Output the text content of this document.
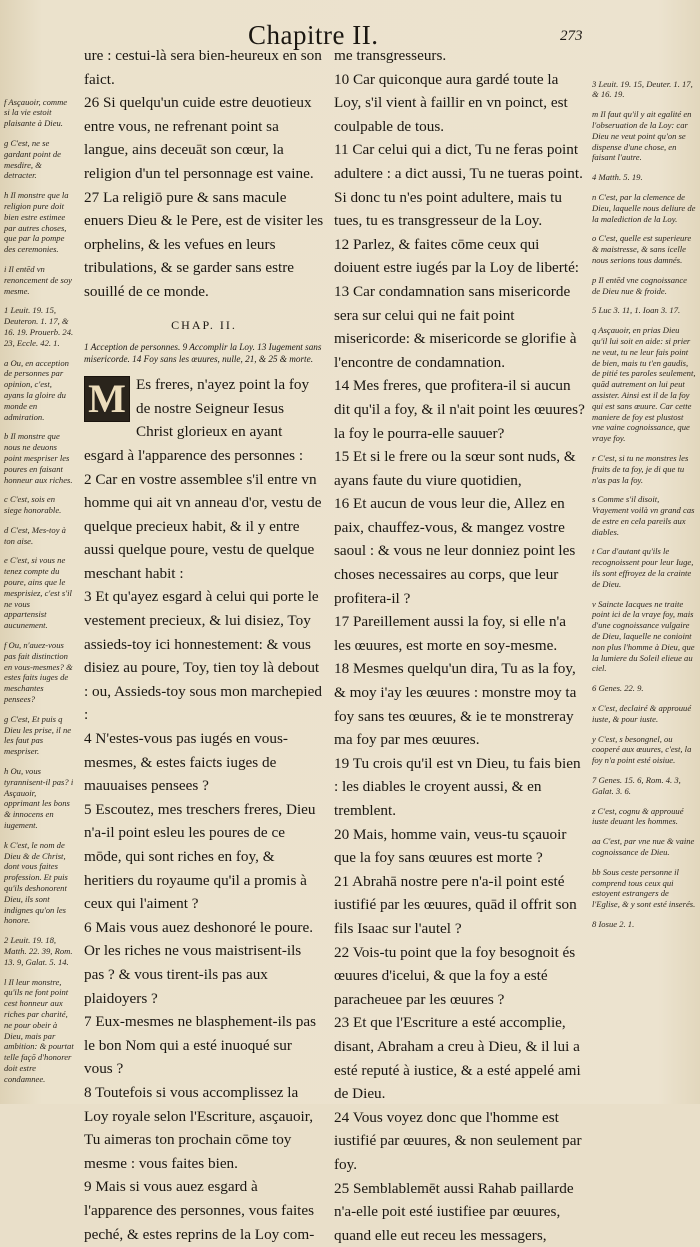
Chapitre II.	273

f Asçauoir, comme si la vie estoit plaisante à Dieu.

g C'est, ne se gardant point de mesdire, & detracter.

h Il monstre que la religion pure doit bien estre estimee par autres choses, que par la pompe des ceremonies.

i Il entēd vn renoncement de soy mesme.

1 Leuit. 19. 15, Deuteron. 1. 17, & 16. 19. Prouerb. 24. 23, Eccle. 42. 1.

a Ou, en acception de personnes par opinion, c'est, ayans la gloire du monde en admiration.

b Il monstre que nous ne deuons point mespriser les poures en faisant honneur aux riches.

c C'est, sois en siege honorable.

d C'est, Mes-toy à ton aise.

e C'est, si vous ne tenez compte du poure, ains que le mesprisiez, c'est s'il ne vous appartensist aucunement.

f Ou, n'auez-vous pas fait distinction en vous-mesmes? & estes faits iuges de meschantes pensees?

g C'est, Et puis q Dieu les prise, il ne les faut pas mespriser.

h Ou, vous tyrannisent-il pas? i Asçauoir, opprimant les bons & innocens en iugement.

k C'est, le nom de Dieu & de Christ, dont vous faites profession. Et puis qu'ils deshonorent Dieu, ils sont indignes qu'on les honore.

2 Leuit. 19. 18, Matth. 22. 39, Rom. 13. 9, Galat. 5. 14.

l Il leur monstre, qu'ils ne font point cest honneur aux riches par charité, ne pour obeir à Dieu, mais par ambition: & pourtat telle façō d'honorer doit estre condamnee.

ure : cestui-là sera bien-heureux en son faict.

26 Si quelqu'un cuide estre deuotieux entre vous, ne refrenant point sa langue, ains deceuāt son cœur, la religion d'un tel personnage est vaine.

27 La religiō pure & sans macule enuers Dieu & le Pere, est de visiter les orphelins, & les vefues en leurs tribulations, & se garder sans estre souillé de ce monde.

CHAP. II.
1 Acception de personnes. 9 Accomplir la Loy. 13 Iugement sans misericorde. 14 Foy sans les œuures, nulle, 21, & 25 & morte.
M Es freres, n'ayez point la foy de nostre Seigneur Iesus Christ glorieux en ayant esgard à l'apparence des personnes :

2 Car en vostre assemblee s'il entre vn homme qui ait vn anneau d'or, vestu de quelque precieux habit, & il y entre aussi quelque poure, vestu de quelque meschant habit :

3 Et qu'ayez esgard à celui qui porte le vestement precieux, & lui disiez, Toy assieds-toy ici honnestement: & vous disiez au poure, Toy, tien toy là debout : ou, Assieds-toy sous mon marchepied :

4 N'estes-vous pas iugés en vous-mesmes, & estes faicts iuges de mauuaises pensees ?

5 Escoutez, mes treschers freres, Dieu n'a-il point esleu les poures de ce mōde, qui sont riches en foy, & heritiers du royaume qu'il a promis à ceux qui l'aiment ?

6 Mais vous auez deshonoré le poure. Or les riches ne vous maistrisent-ils pas ? & vous tirent-ils pas aux plaidoyers ?

7 Eux-mesmes ne blasphement-ils pas le bon Nom qui a esté inuoqué sur vous ?

8 Toutefois si vous accomplissez la Loy royale selon l'Escriture, asçauoir, Tu aimeras ton prochain cōme toy mesme : vous faites bien.

9 Mais si vous auez esgard à l'apparence des personnes, vous faites peché, & estes reprins de la Loy com-

me transgresseurs.

10 Car quiconque aura gardé toute la Loy, s'il vient à faillir en vn poinct, est coulpable de tous.

11 Car celui qui a dict, Tu ne feras point adultere : a dict aussi, Tu ne tueras point. Si donc tu n'es point adultere, mais tu tues, tu es transgresseur de la Loy.

12 Parlez, & faites cōme ceux qui doiuent estre iugés par la Loy de liberté:

13 Car condamnation sans misericorde sera sur celui qui ne fait point misericorde: & misericorde se glorifie à l'encontre de condamnation.

14 Mes freres, que profitera-il si aucun dit qu'il a foy, & il n'ait point les œuures? la foy le pourra-elle sauuer?

15 Et si le frere ou la sœur sont nuds, & ayans faute du viure quotidien,

16 Et aucun de vous leur die, Allez en paix, chauffez-vous, & mangez vostre saoul : & vous ne leur donniez point les choses necessaires au corps, que leur profitera-il ?

17 Pareillement aussi la foy, si elle n'a les œuures, est morte en soy-mesme.

18 Mesmes quelqu'un dira, Tu as la foy, & moy i'ay les œuures : monstre moy ta foy sans tes œuures, & ie te monstreray ma foy par mes œuures.

19 Tu crois qu'il est vn Dieu, tu fais bien : les diables le croyent aussi, & en tremblent.

20 Mais, homme vain, veus-tu sçauoir que la foy sans œuures est morte ?

21 Abrahā nostre pere n'a-il point esté iustifié par les œuures, quād il offrit son fils Isaac sur l'autel ?

22 Vois-tu point que la foy besognoit és œuures d'icelui, & que la foy a esté paracheuee par les œuures ?

23 Et que l'Escriture a esté accomplie, disant, Abraham a creu à Dieu, & il lui a esté reputé à iustice, & a esté appelé ami de Dieu.

24 Vous voyez donc que l'homme est iustifié par œuures, & non seulement par foy.

25 Semblablemēt aussi Rahab paillarde n'a-elle poit esté iustifiee par œuures, quand elle eut receu les messagers,

3 Leuit. 19. 15, Deuter. 1. 17, & 16. 19.

m Il faut qu'il y ait egalité en l'obseruation de la Loy: car Dieu ne veut point qu'on se dispense d'une chose, en faisant l'autre.

4 Matth. 5. 19.

n C'est, par la clemence de Dieu, laquelle nous deliure de la malediction de la Loy.

o C'est, quelle est superieure & maistresse, & sans icelle nous serions tous damnés.

p Il entēd vne cognoissance de Dieu nue & froide.

5 Luc 3. 11, 1. Ioan 3. 17.

q Asçauoir, en prias Dieu qu'il lui soit en aide: si prier ne veut, tu ne leur fais point de bien, mais tu t'en gaudis, de pitié tes paroles seulement, quād autrement on lui peut assister. Ainsi est il de la foy qui est sans œuure. Car cette maniere de foy est plustost vne vaine cognoissance, que vraye foy.

r C'est, si tu ne monstres les fruits de ta foy, je di que tu n'as pas la foy.

s Comme s'il disoit, Vrayement voilà vn grand cas de estre en cela pareils aux diables.

t Car d'autant qu'ils le recognoissent pour leur Iuge, ils sont effroyez de la crainte de Dieu.

v Saincte Iacques ne traite point ici de la vraye foy, mais d'une cognoissance vulgaire de Dieu, laquelle ne conioint non plus l'homme à Dieu, que la lumiere du Soleil elieue au ciel.

6 Genes. 22. 9.

x C'est, declairé & approuué iuste, & pour iuste.

y C'est, s besongnel, ou cooperé aux œuures, c'est, la foy n'a point esté oisiue.

7 Genes. 15. 6, Rom. 4. 3, Galat. 3. 6.

z C'est, cognu & approuué iuste deuant les hommes.

aa C'est, par vne nue & vaine cognoissance de Dieu.

bb Sous ceste personne il comprend tous ceux qui estoyent estrangers de l'Eglise, & y sont esté inserés.

8 Iosue 2. 1.
